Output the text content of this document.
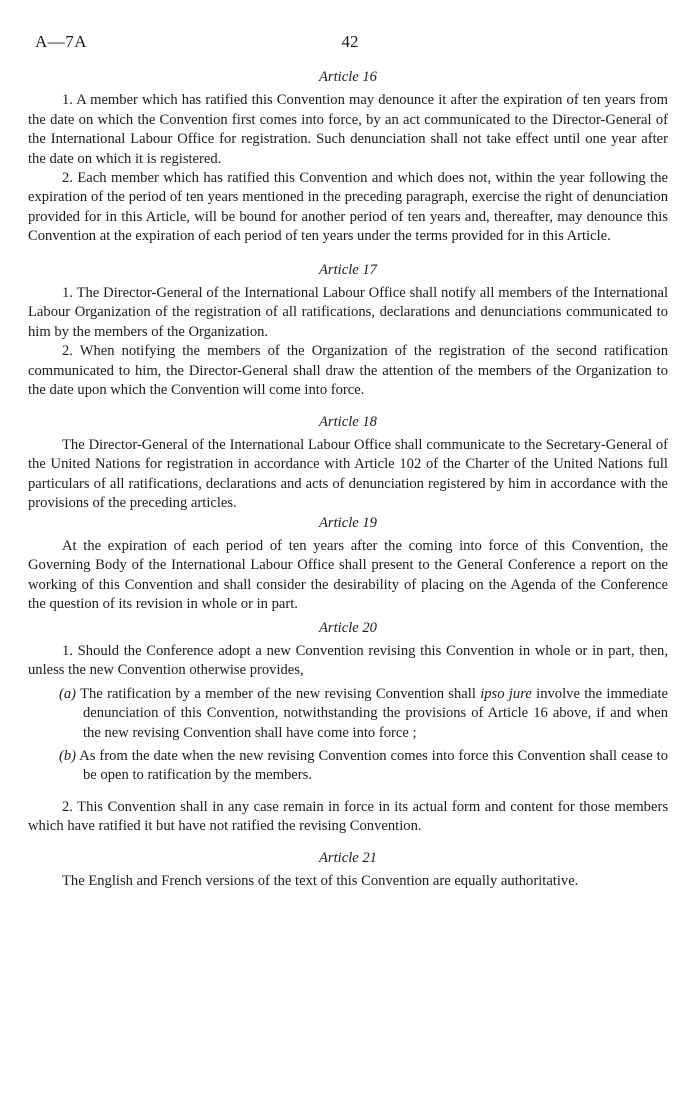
A—7A	42
Article 16

1. A member which has ratified this Convention may denounce it after the expiration of ten years from the date on which the Convention first comes into force, by an act communicated to the Director-General of the International Labour Office for registration. Such denunciation shall not take effect until one year after the date on which it is registered.

2. Each member which has ratified this Convention and which does not, within the year following the expiration of the period of ten years mentioned in the preceding paragraph, exercise the right of denunciation provided for in this Article, will be bound for another period of ten years and, thereafter, may denounce this Convention at the expiration of each period of ten years under the terms provided for in this Article.

Article 17

1. The Director-General of the International Labour Office shall notify all members of the International Labour Organization of the registration of all ratifications, declarations and denunciations communicated to him by the members of the Organization.

2. When notifying the members of the Organization of the registration of the second ratification communicated to him, the Director-General shall draw the attention of the members of the Organization to the date upon which the Convention will come into force.

Article 18

The Director-General of the International Labour Office shall communicate to the Secretary-General of the United Nations for registration in accordance with Article 102 of the Charter of the United Nations full particulars of all ratifications, declarations and acts of denunciation registered by him in accordance with the provisions of the preceding articles.

Article 19

At the expiration of each period of ten years after the coming into force of this Convention, the Governing Body of the International Labour Office shall present to the General Conference a report on the working of this Convention and shall consider the desirability of placing on the Agenda of the Conference the question of its revision in whole or in part.

Article 20

1. Should the Conference adopt a new Convention revising this Convention in whole or in part, then, unless the new Convention otherwise provides,

(a) The ratification by a member of the new revising Convention shall ipso jure involve the immediate denunciation of this Convention, notwithstanding the provisions of Article 16 above, if and when the new revising Convention shall have come into force ;

(b) As from the date when the new revising Convention comes into force this Convention shall cease to be open to ratification by the members.

2. This Convention shall in any case remain in force in its actual form and content for those members which have ratified it but have not ratified the revising Convention.

Article 21

The English and French versions of the text of this Convention are equally authoritative.
